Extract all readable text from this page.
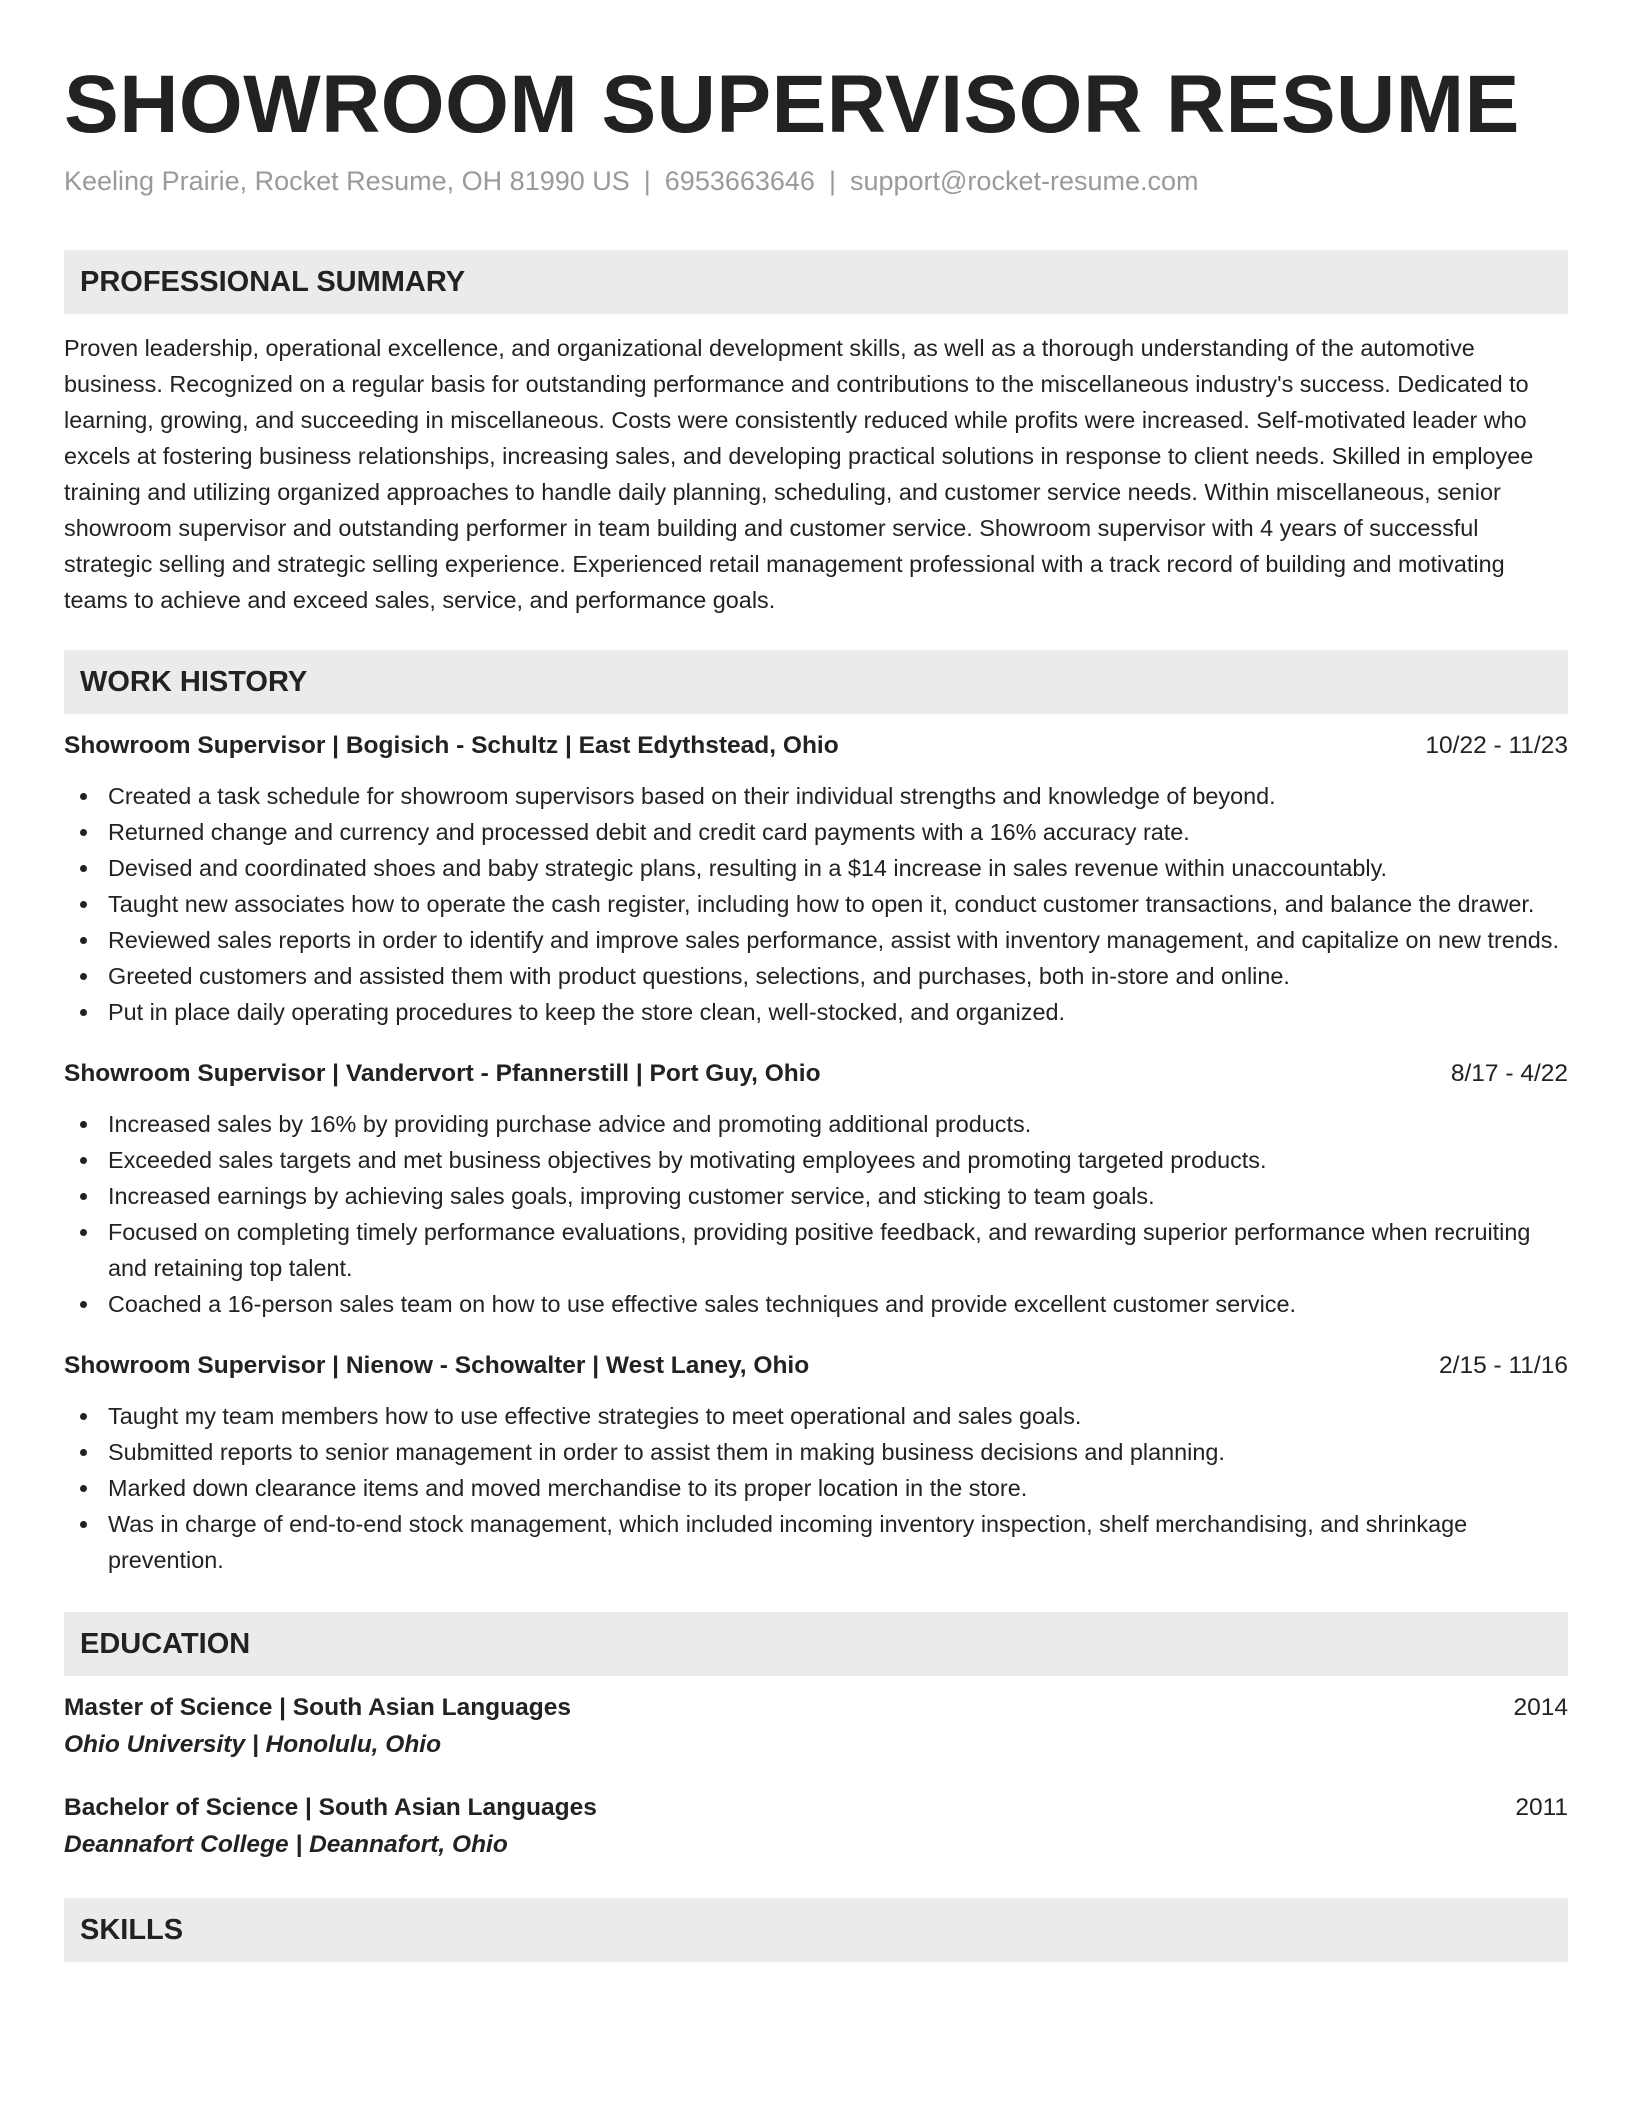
SHOWROOM SUPERVISOR RESUME
Keeling Prairie, Rocket Resume, OH 81990 US | 6953663646 | support@rocket-resume.com
PROFESSIONAL SUMMARY

Proven leadership, operational excellence, and organizational development skills, as well as a thorough understanding of the automotive business. Recognized on a regular basis for outstanding performance and contributions to the miscellaneous industry's success. Dedicated to learning, growing, and succeeding in miscellaneous. Costs were consistently reduced while profits were increased. Self-motivated leader who excels at fostering business relationships, increasing sales, and developing practical solutions in response to client needs. Skilled in employee training and utilizing organized approaches to handle daily planning, scheduling, and customer service needs. Within miscellaneous, senior showroom supervisor and outstanding performer in team building and customer service. Showroom supervisor with 4 years of successful strategic selling and strategic selling experience. Experienced retail management professional with a track record of building and motivating teams to achieve and exceed sales, service, and performance goals.

WORK HISTORY
Showroom Supervisor | Bogisich - Schultz | East Edythstead, Ohio	10/22 - 11/23
Created a task schedule for showroom supervisors based on their individual strengths and knowledge of beyond.
Returned change and currency and processed debit and credit card payments with a 16% accuracy rate.
Devised and coordinated shoes and baby strategic plans, resulting in a $14 increase in sales revenue within unaccountably.
Taught new associates how to operate the cash register, including how to open it, conduct customer transactions, and balance the drawer.
Reviewed sales reports in order to identify and improve sales performance, assist with inventory management, and capitalize on new trends.
Greeted customers and assisted them with product questions, selections, and purchases, both in-store and online.
Put in place daily operating procedures to keep the store clean, well-stocked, and organized.
Showroom Supervisor | Vandervort - Pfannerstill | Port Guy, Ohio	8/17 - 4/22
Increased sales by 16% by providing purchase advice and promoting additional products.
Exceeded sales targets and met business objectives by motivating employees and promoting targeted products.
Increased earnings by achieving sales goals, improving customer service, and sticking to team goals.
Focused on completing timely performance evaluations, providing positive feedback, and rewarding superior performance when recruiting and retaining top talent.
Coached a 16-person sales team on how to use effective sales techniques and provide excellent customer service.
Showroom Supervisor | Nienow - Schowalter | West Laney, Ohio	2/15 - 11/16
Taught my team members how to use effective strategies to meet operational and sales goals.
Submitted reports to senior management in order to assist them in making business decisions and planning.
Marked down clearance items and moved merchandise to its proper location in the store.
Was in charge of end-to-end stock management, which included incoming inventory inspection, shelf merchandising, and shrinkage prevention.
EDUCATION
Master of Science | South Asian Languages	2014
Ohio University | Honolulu, Ohio
Bachelor of Science | South Asian Languages	2011
Deannafort College | Deannafort, Ohio
SKILLS
